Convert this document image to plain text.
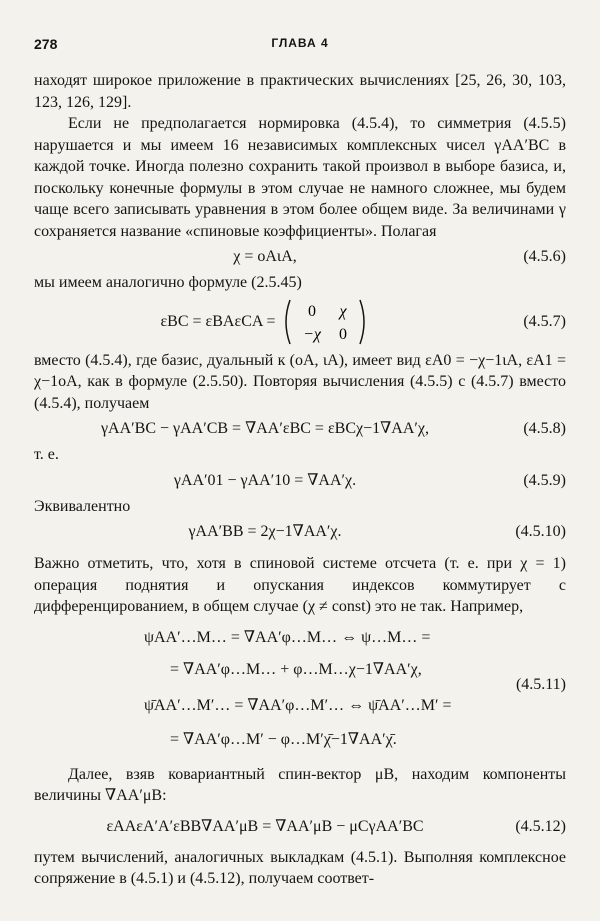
278	ГЛАВА 4

находят широкое приложение в практических вычислениях [25, 26, 30, 103, 123, 126, 129].

Если не предполагается нормировка (4.5.4), то симметрия (4.5.5) нарушается и мы имеем 16 независимых комплексных чисел γAA′BC в каждой точке. Иногда полезно сохранить такой произвол в выборе базиса, и, поскольку конечные формулы в этом случае не намного сложнее, мы будем чаще всего записывать уравнения в этом более общем виде. За величинами γ сохраняется название «спиновые коэффициенты». Полагая

χ = oAιA,	(4.5.6)

мы имеем аналогично формуле (2.5.45)

εBC = εBAεCA =
0 χ
−χ 0
(4.5.7)

вместо (4.5.4), где базис, дуальный к (oA, ιA), имеет вид εA0 = −χ−1ιA, εA1 = χ−1oA, как в формуле (2.5.50). Повторяя вычисления (4.5.5) с (4.5.7) вместо (4.5.4), получаем

γAA′BC − γAA′CB = ∇AA′εBC = εBCχ−1∇AA′χ,	(4.5.8)

т. е.

γAA′01 − γAA′10 = ∇AA′χ.	(4.5.9)

Эквивалентно

γAA′BB = 2χ−1∇AA′χ.	(4.5.10)

Важно отметить, что, хотя в спиновой системе отсчета (т. е. при χ = 1) операция поднятия и опускания индексов коммутирует с дифференцированием, в общем случае (χ ≠ const) это не так. Например,

ψAA′…M… = ∇AA′φ…M… ⇔ ψ…M… =
= ∇AA′φ…M… + φ…M…χ−1∇AA′χ,
ψ̄AA′…M′… = ∇AA′φ…M′… ⇔ ψ̄AA′…M′ =
= ∇AA′φ…M′ − φ…M′χ̄−1∇AA′χ̄.
(4.5.11)

Далее, взяв ковариантный спин-вектор μB, находим компоненты величины ∇AA′μB:

εAAεA′A′εBB∇AA′μB = ∇AA′μB − μCγAA′BC	(4.5.12)

путем вычислений, аналогичных выкладкам (4.5.1). Выполняя комплексное сопряжение в (4.5.1) и (4.5.12), получаем соответ-
